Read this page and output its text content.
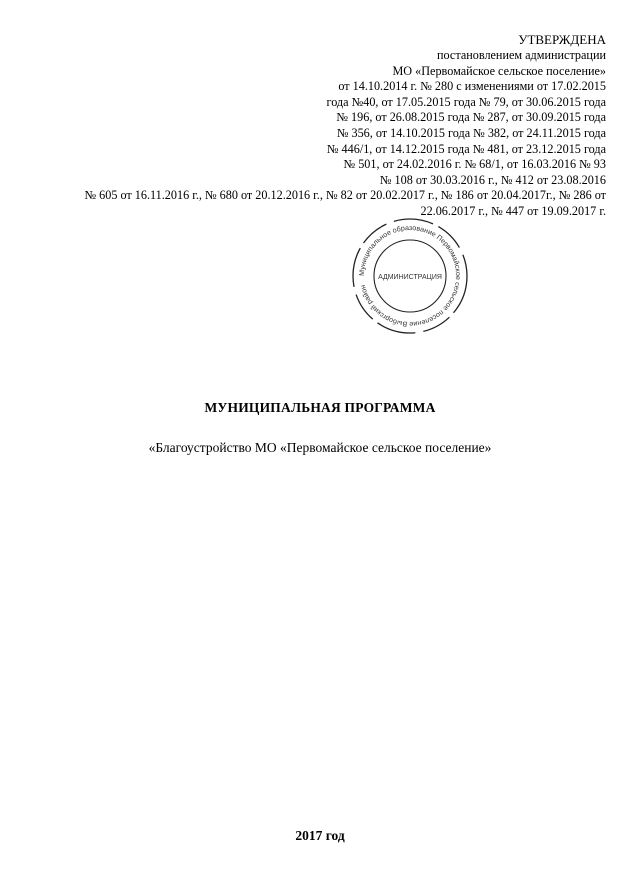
УТВЕРЖДЕНА
постановлением администрации
МО «Первомайское сельское поселение»
от 14.10.2014 г. № 280 с изменениями от 17.02.2015
года №40, от 17.05.2015 года № 79, от 30.06.2015 года
№ 196, от 26.08.2015 года № 287, от 30.09.2015 года
№ 356, от 14.10.2015 года № 382, от 24.11.2015 года
№ 446/1, от 14.12.2015 года № 481, от 23.12.2015 года
№ 501, от 24.02.2016 г. № 68/1, от 16.03.2016 № 93
№ 108 от 30.03.2016 г., № 412 от 23.08.2016
№ 605 от 16.11.2016 г., № 680 от 20.12.2016 г., № 82 от 20.02.2017 г., № 186 от 20.04.2017г., № 286 от
22.06.2017 г., № 447 от 19.09.2017 г.
Муниципальное образование Первомайское сельское поселение Выборгский район
АДМИНИСТРАЦИЯ
МУНИЦИПАЛЬНАЯ ПРОГРАММА
«Благоустройство МО «Первомайское сельское поселение»
2017 год
